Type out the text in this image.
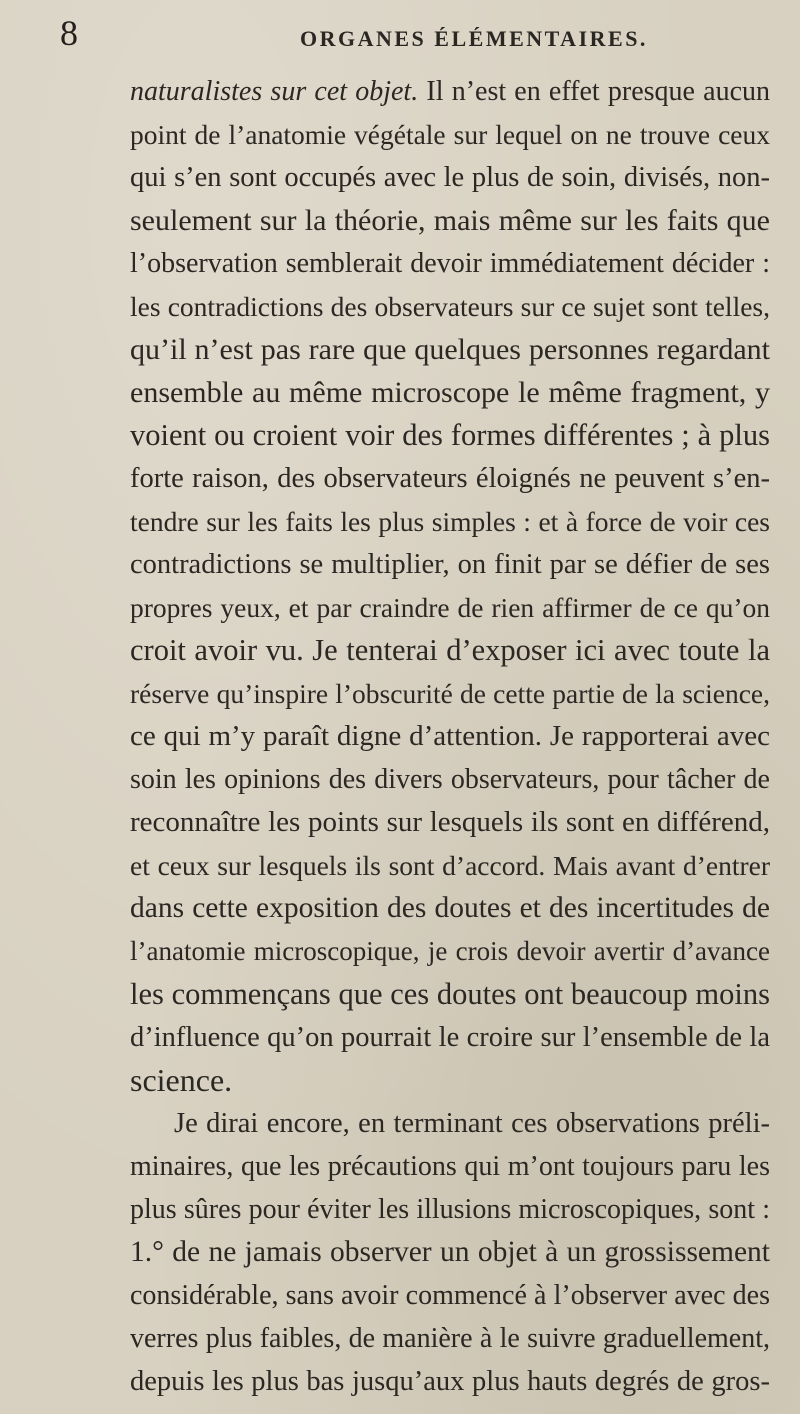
8	ORGANES ÉLÉMENTAIRES.
naturalistes sur cet objet. Il n’est en effet presque aucun
point de l’anatomie végétale sur lequel on ne trouve ceux
qui s’en sont occupés avec le plus de soin, divisés, non-
seulement sur la théorie, mais même sur les faits que
l’observation semblerait devoir immédiatement décider :
les contradictions des observateurs sur ce sujet sont telles,
qu’il n’est pas rare que quelques personnes regardant
ensemble au même microscope le même fragment, y
voient ou croient voir des formes différentes ; à plus
forte raison, des observateurs éloignés ne peuvent s’en-
tendre sur les faits les plus simples : et à force de voir ces
contradictions se multiplier, on finit par se défier de ses
propres yeux, et par craindre de rien affirmer de ce qu’on
croit avoir vu. Je tenterai d’exposer ici avec toute la
réserve qu’inspire l’obscurité de cette partie de la science,
ce qui m’y paraît digne d’attention. Je rapporterai avec
soin les opinions des divers observateurs, pour tâcher de
reconnaître les points sur lesquels ils sont en différend,
et ceux sur lesquels ils sont d’accord. Mais avant d’entrer
dans cette exposition des doutes et des incertitudes de
l’anatomie microscopique, je crois devoir avertir d’avance
les commençans que ces doutes ont beaucoup moins
d’influence qu’on pourrait le croire sur l’ensemble de la
science.
Je dirai encore, en terminant ces observations préli-
minaires, que les précautions qui m’ont toujours paru les
plus sûres pour éviter les illusions microscopiques, sont :
1.° de ne jamais observer un objet à un grossissement
considérable, sans avoir commencé à l’observer avec des
verres plus faibles, de manière à le suivre graduellement,
depuis les plus bas jusqu’aux plus hauts degrés de gros-
